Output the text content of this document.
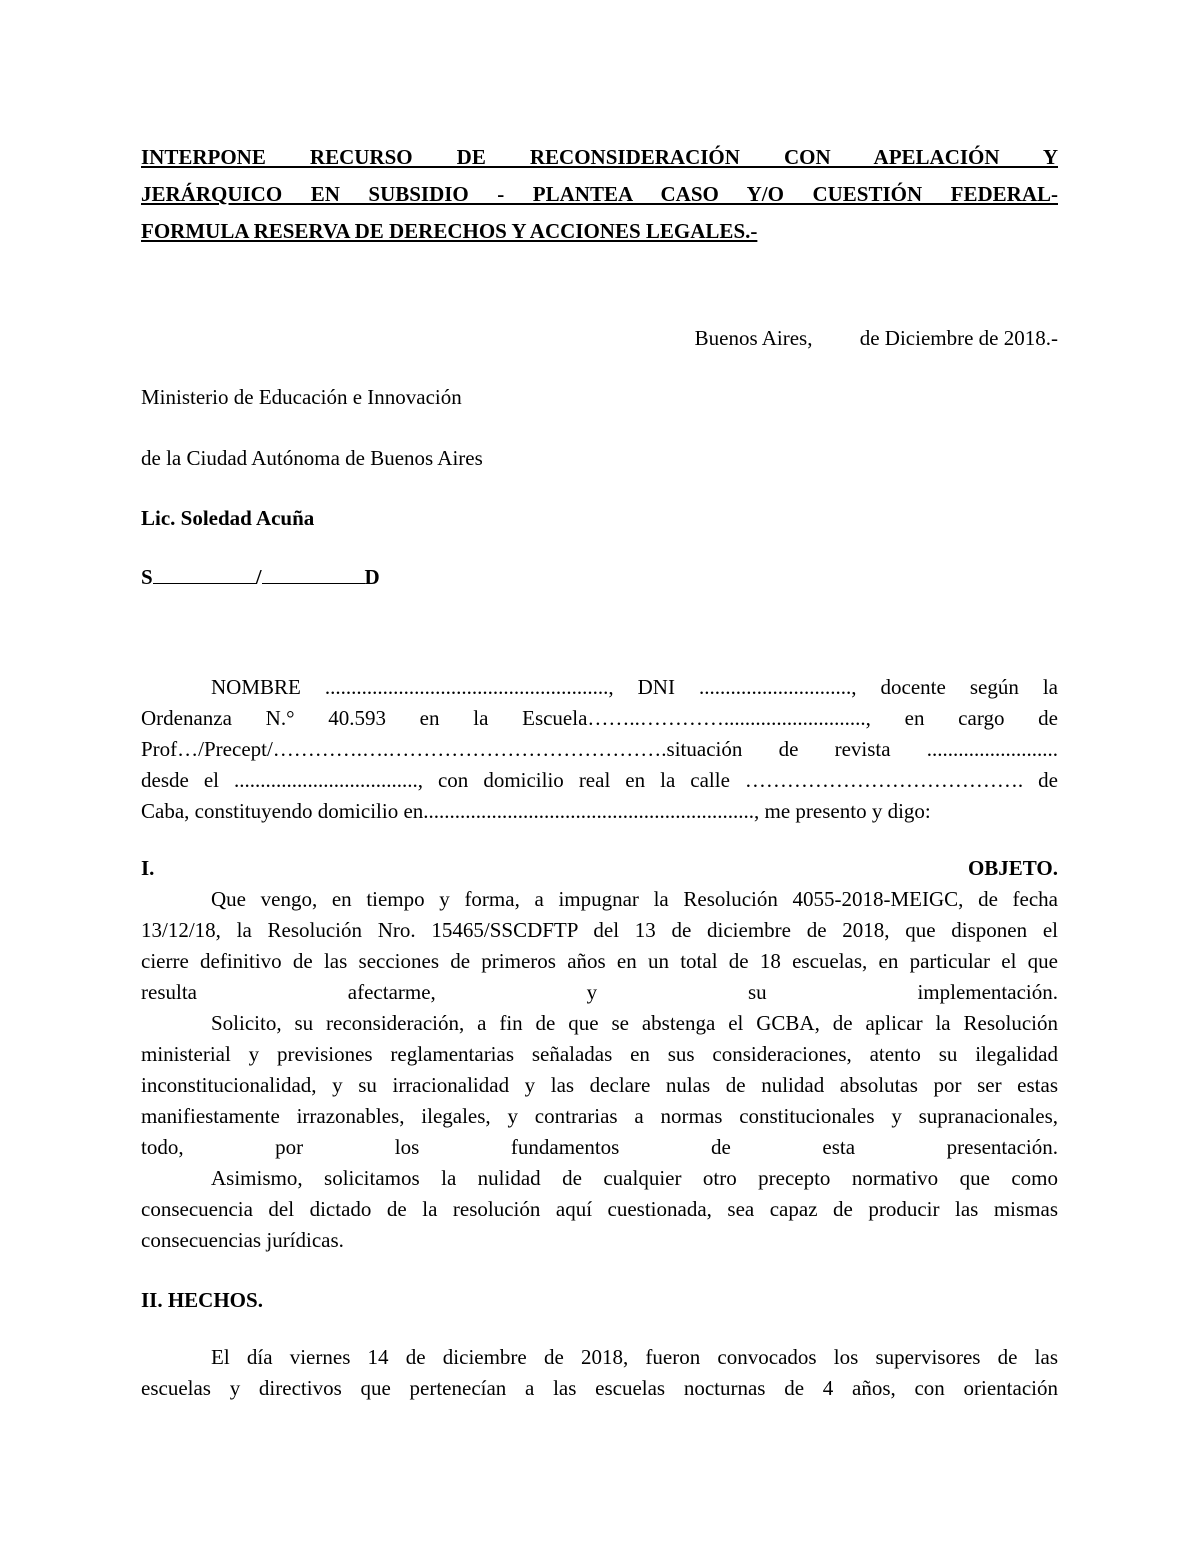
INTERPONE RECURSO DE RECONSIDERACIÓN CON APELACIÓN Y
JERÁRQUICO EN SUBSIDIO - PLANTEA CASO Y/O CUESTIÓN FEDERAL-
FORMULA RESERVA DE DERECHOS Y ACCIONES LEGALES.-
Buenos Aires,         de Diciembre de 2018.-
Ministerio de Educación e Innovación
de la Ciudad Autónoma de Buenos Aires
Lic. Soledad Acuña
S	/	D
NOMBRE ......................................................, DNI ............................., docente según la
Ordenanza N.° 40.593 en la Escuela……..…………..........................., en cargo de
Prof…/Precept/………….….………………………………….situación de revista .........................
desde el ..................................., con domicilio real en la calle …………………………………. de
Caba, constituyendo domicilio en..............................................................., me presento y digo:
I.	OBJETO.
Que vengo, en tiempo y forma, a impugnar la Resolución 4055-2018-MEIGC, de fecha
13/12/18, la Resolución Nro. 15465/SSCDFTP del 13 de diciembre de 2018, que disponen el
cierre definitivo de las secciones de primeros años en un total de 18 escuelas, en particular el que
resulta afectarme, y su implementación.
Solicito, su reconsideración, a fin de que se abstenga el GCBA, de aplicar la Resolución
ministerial y previsiones reglamentarias señaladas en sus consideraciones, atento su ilegalidad
inconstitucionalidad, y su irracionalidad y las declare nulas de nulidad absolutas por ser estas
manifiestamente irrazonables, ilegales, y contrarias a normas constitucionales y supranacionales,
todo, por los fundamentos de esta presentación.
Asimismo, solicitamos la nulidad de cualquier otro precepto normativo que como
consecuencia del dictado de la resolución aquí cuestionada, sea capaz de producir las mismas
consecuencias jurídicas.
II. HECHOS.
El día viernes 14 de diciembre de 2018, fueron convocados los supervisores de las
escuelas y directivos que pertenecían a las escuelas nocturnas de 4 años, con orientación
